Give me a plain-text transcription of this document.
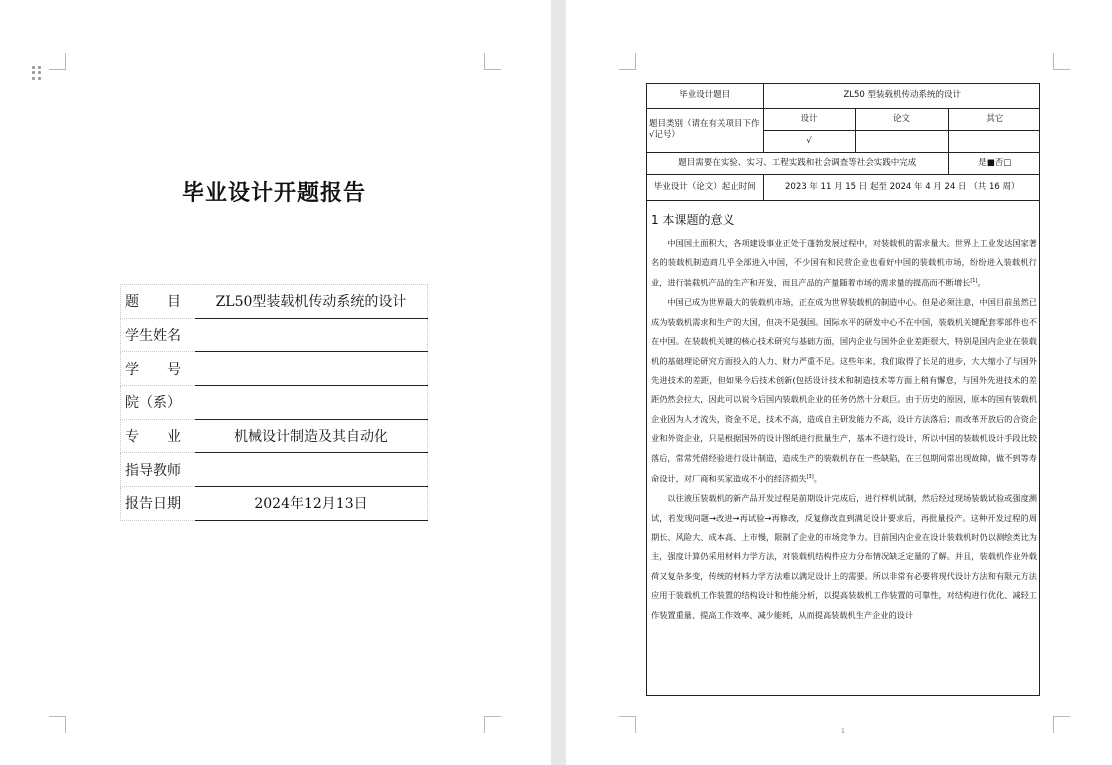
毕业设计开题报告
题　　目	ZL50型装载机传动系统的设计
学生姓名	
学　　号	
院（系）	
专　　业	机械设计制造及其自动化
指导教师	
报告日期	2024年12月13日
毕业设计题目	ZL50 型装载机传动系统的设计		
题目类别（请在有关项目下作√记号）	设计	论文	其它
	√		
题目需要在实验、实习、工程实践和社会调查等社会实践中完成			是■否□
毕业设计（论文）起止时间	2023 年 11 月 15 日 起至 2024 年 4 月 24 日 （共 16 周）		
1 本课题的意义

中国国土面积大，各项建设事业正处于蓬勃发展过程中，对装载机的需求量大。世界上工业发达国家著名的装载机制造商几乎全部进入中国，不少国有和民营企业也看好中国的装载机市场，纷纷进入装载机行业，进行装载机产品的生产和开发，而且产品的产量随着市场的需求量的提高而不断增长[1]。

中国已成为世界最大的装载机市场，正在成为世界装载机的制造中心。但是必须注意，中国目前虽然已成为装载机需求和生产的大国，但决不是强国。国际水平的研发中心不在中国，装载机关键配套零部件也不在中国。在装载机关键的核心技术研究与基础方面，国内企业与国外企业差距很大，特别是国内企业在装载机的基础理论研究方面投入的人力、财力严重不足。这些年来，我们取得了长足的进步，大大缩小了与国外先进技术的差距，但如果今后技术创新(包括设计技术和制造技术等方面上稍有懈怠，与国外先进技术的差距仍然会拉大，因此可以说今后国内装载机企业的任务仍然十分艰巨。由于历史的原因，原本的国有装载机企业因为人才流失，资金不足，技术不高，造成自主研发能力不高，设计方法落后；而改革开放后的合资企业和外资企业，只是根据国外的设计图纸进行批量生产，基本不进行设计，所以中国的装载机设计手段比较落后，常常凭借经验进行设计制造，造成生产的装载机存在一些缺陷，在三包期间常出现故障，做不到等寿命设计，对厂商和买家造成不小的经济损失[3]。

以往液压装载机的新产品开发过程是前期设计完成后，进行样机试制，然后经过现场装载试验或强度测试，若发现问题→改进→再试验→再修改，反复修改直到满足设计要求后，再批量投产。这种开发过程的周期长、风险大、成本高、上市慢，限制了企业的市场竞争力。目前国内企业在设计装载机时仍以测绘类比为主，强度计算仍采用材料力学方法，对装载机结构件应力分布情况缺乏定量的了解。并且，装载机作业外载荷又复杂多变，传统的材料力学方法难以满足设计上的需要。所以非常有必要将现代设计方法和有限元方法应用于装载机工作装置的结构设计和性能分析，以提高装载机工作装置的可靠性，对结构进行优化、减轻工作装置重量、提高工作效率、减少能耗，从而提高装载机生产企业的设计

1
